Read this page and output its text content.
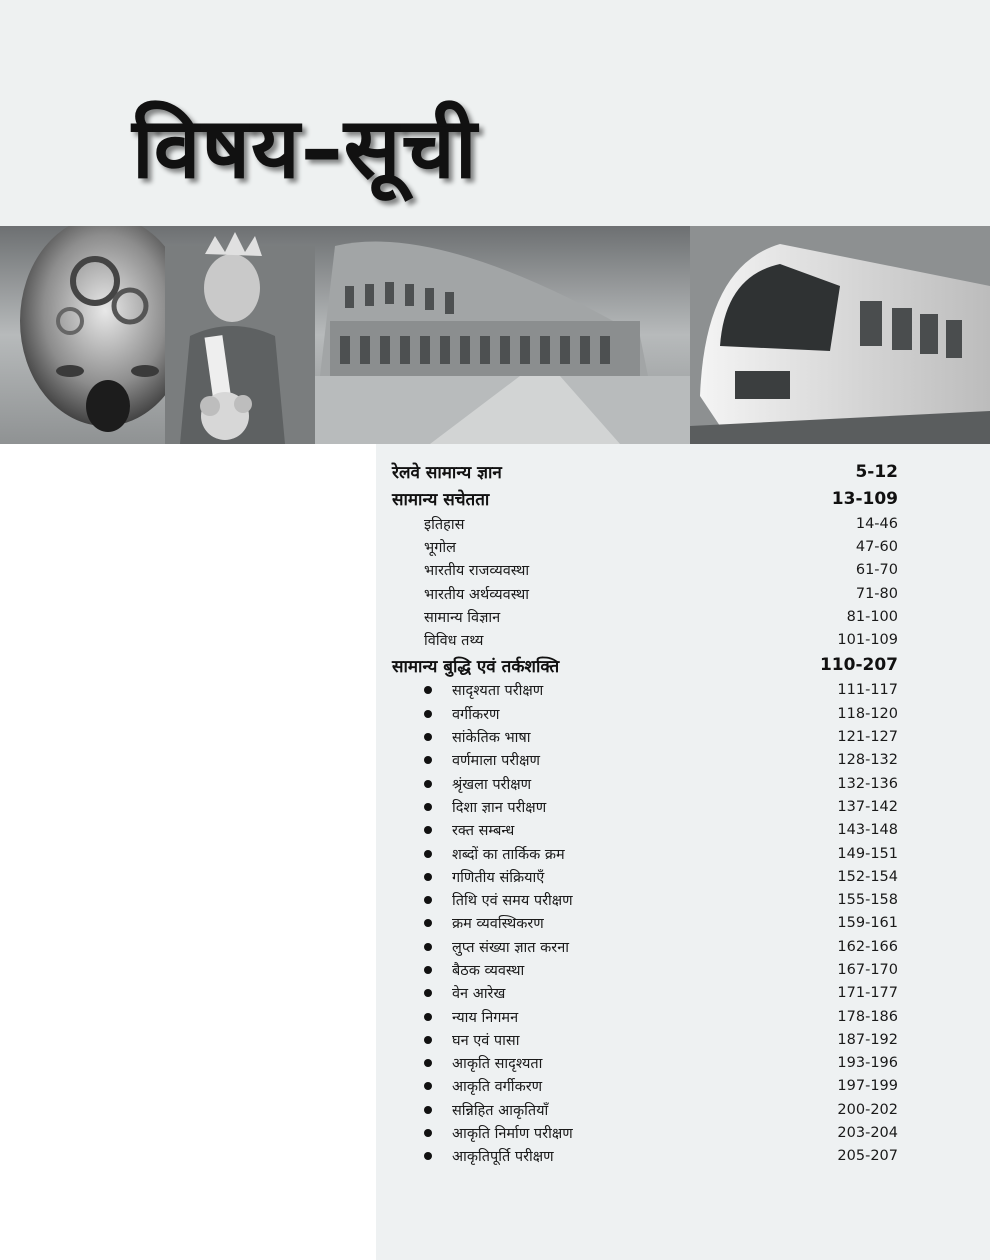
विषय–सूची
रेलवे सामान्य ज्ञान	5-12
सामान्य सचेतता	13-109
इतिहास	14-46
भूगोल	47-60
भारतीय राजव्यवस्था	61-70
भारतीय अर्थव्यवस्था	71-80
सामान्य विज्ञान	81-100
विविध तथ्य	101-109
सामान्य बुद्धि एवं तर्कशक्ति	110-207
सादृश्यता परीक्षण	111-117
वर्गीकरण	118-120
सांकेतिक भाषा	121-127
वर्णमाला परीक्षण	128-132
श्रृंखला परीक्षण	132-136
दिशा ज्ञान परीक्षण	137-142
रक्त सम्बन्ध	143-148
शब्दों का तार्किक क्रम	149-151
गणितीय संक्रियाएँ	152-154
तिथि एवं समय परीक्षण	155-158
क्रम व्यवस्थिकरण	159-161
लुप्त संख्या ज्ञात करना	162-166
बैठक व्यवस्था	167-170
वेन आरेख	171-177
न्याय निगमन	178-186
घन एवं पासा	187-192
आकृति सादृश्यता	193-196
आकृति वर्गीकरण	197-199
सन्निहित आकृतियाँ	200-202
आकृति निर्माण परीक्षण	203-204
आकृतिपूर्ति परीक्षण	205-207
